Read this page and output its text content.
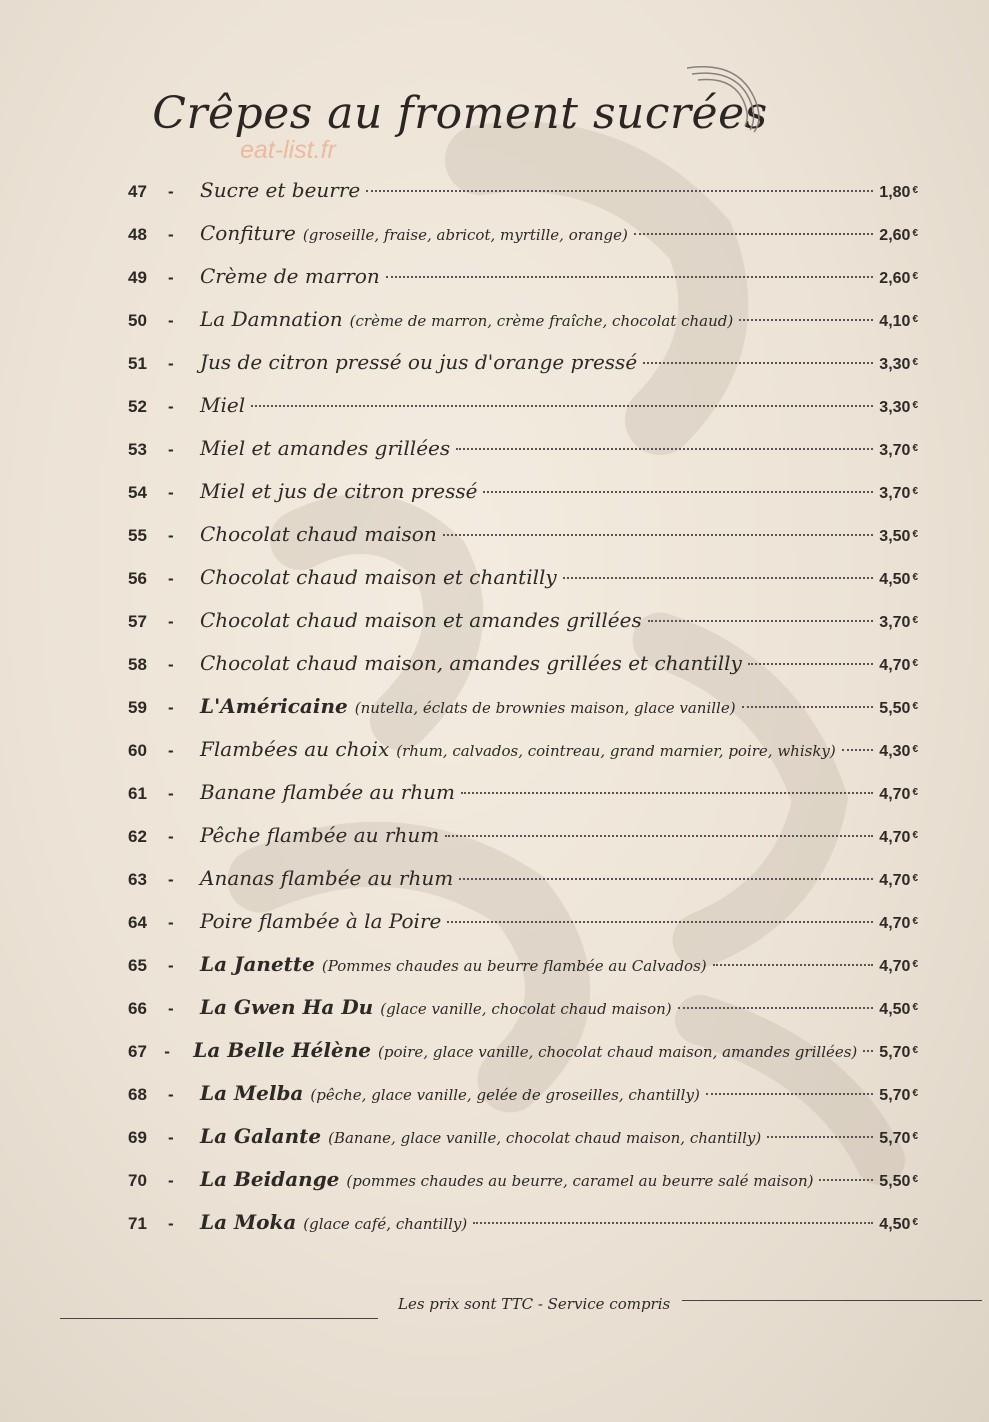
Crêpes au froment sucrées
eat-list.fr
47	-	Sucre et beurre	1,80 €
48	-	Confiture (groseille, fraise, abricot, myrtille, orange)	2,60 €
49	-	Crème de marron	2,60 €
50	-	La Damnation (crème de marron, crème fraîche, chocolat chaud)	4,10 €
51	-	Jus de citron pressé ou jus d'orange pressé	3,30 €
52	-	Miel	3,30 €
53	-	Miel et amandes grillées	3,70 €
54	-	Miel et jus de citron pressé	3,70 €
55	-	Chocolat chaud maison	3,50 €
56	-	Chocolat chaud maison et chantilly	4,50 €
57	-	Chocolat chaud maison et amandes grillées	3,70 €
58	-	Chocolat chaud maison, amandes grillées et chantilly	4,70 €
59	-	L'Américaine (nutella, éclats de brownies maison, glace vanille)	5,50 €
60	-	Flambées au choix (rhum, calvados, cointreau, grand marnier, poire, whisky)	4,30 €
61	-	Banane flambée au rhum	4,70 €
62	-	Pêche flambée au rhum	4,70 €
63	-	Ananas flambée au rhum	4,70 €
64	-	Poire flambée à la Poire	4,70 €
65	-	La Janette (Pommes chaudes au beurre flambée au Calvados)	4,70 €
66	-	La Gwen Ha Du (glace vanille, chocolat chaud maison)	4,50 €
67	-	La Belle Hélène (poire, glace vanille, chocolat chaud maison, amandes grillées) 5,70 €
68	-	La Melba (pêche, glace vanille, gelée de groseilles, chantilly)	5,70 €
69	-	La Galante (Banane, glace vanille, chocolat chaud maison, chantilly)	5,70 €
70	-	La Beidange (pommes chaudes au beurre, caramel au beurre salé maison)	5,50 €
71	-	La Moka (glace café, chantilly)	4,50 €
Les prix sont TTC - Service compris
